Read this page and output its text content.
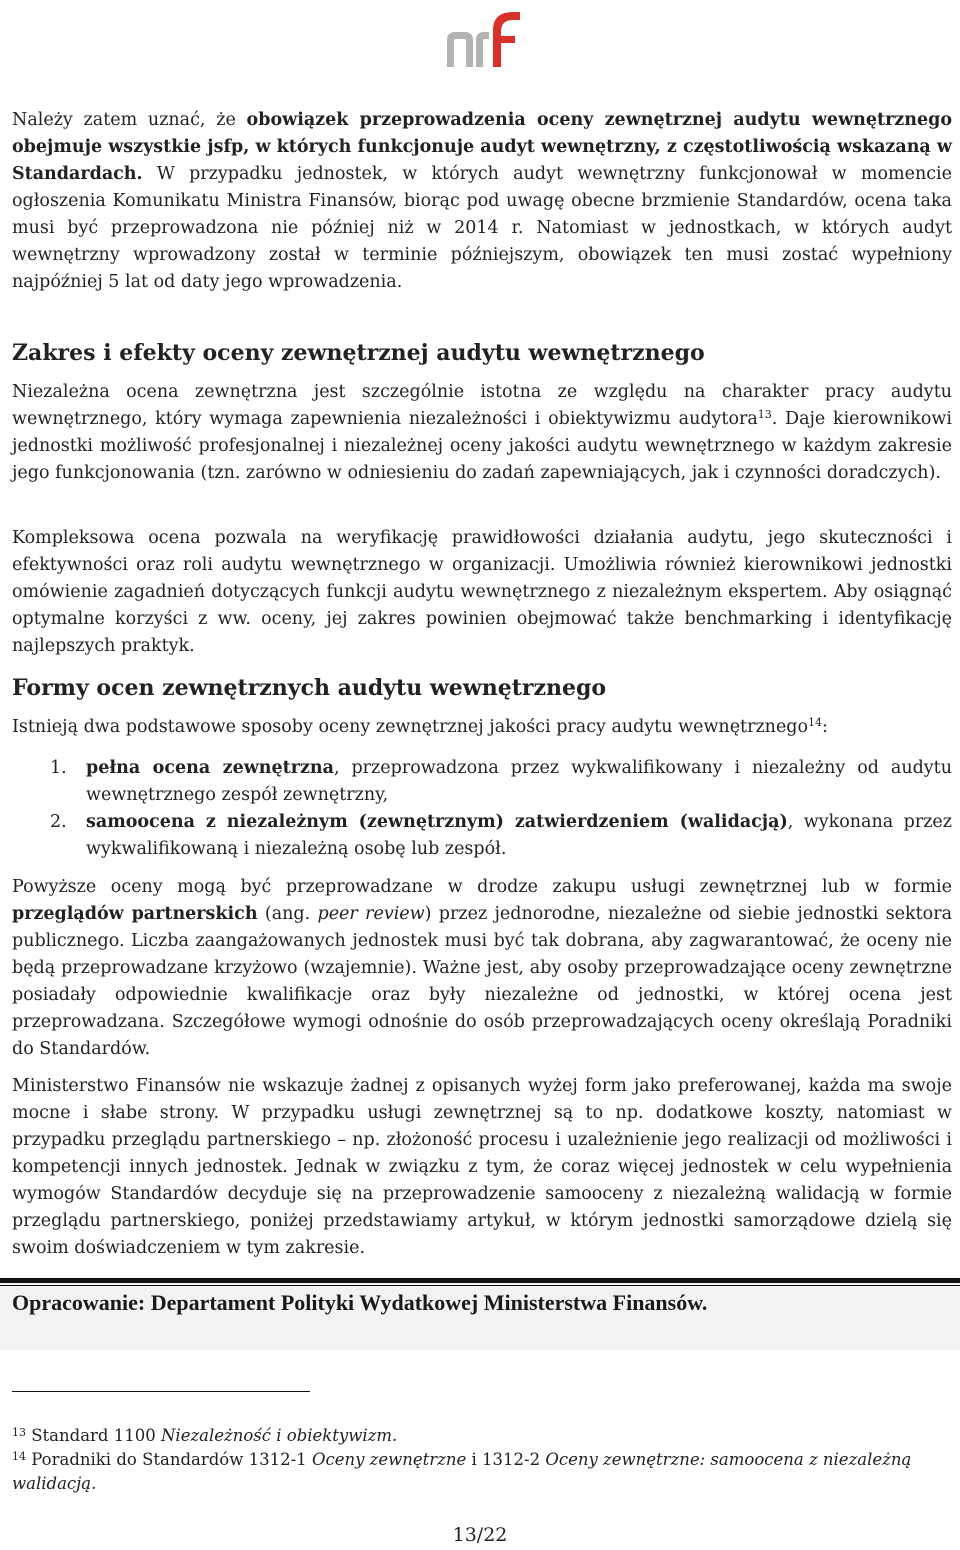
Należy zatem uznać, że obowiązek przeprowadzenia oceny zewnętrznej audytu wewnętrznego obejmuje wszystkie jsfp, w których funkcjonuje audyt wewnętrzny, z częstotliwością wskazaną w Standardach. W przypadku jednostek, w których audyt wewnętrzny funkcjonował w momencie ogłoszenia Komunikatu Ministra Finansów, biorąc pod uwagę obecne brzmienie Standardów, ocena taka musi być przeprowadzona nie później niż w 2014 r. Natomiast w jednostkach, w których audyt wewnętrzny wprowadzony został w terminie późniejszym, obowiązek ten musi zostać wypełniony najpóźniej 5 lat od daty jego wprowadzenia.

Zakres i efekty oceny zewnętrznej audytu wewnętrznego

Niezależna ocena zewnętrzna jest szczególnie istotna ze względu na charakter pracy audytu wewnętrznego, który wymaga zapewnienia niezależności i obiektywizmu audytora$^{13}$. Daje kierownikowi jednostki możliwość profesjonalnej i niezależnej oceny jakości audytu wewnętrznego w każdym zakresie jego funkcjonowania (tzn. zarówno w odniesieniu do zadań zapewniających, jak i czynności doradczych).

Kompleksowa ocena pozwala na weryfikację prawidłowości działania audytu, jego skuteczności i efektywności oraz roli audytu wewnętrznego w organizacji. Umożliwia również kierownikowi jednostki omówienie zagadnień dotyczących funkcji audytu wewnętrznego z niezależnym ekspertem. Aby osiągnąć optymalne korzyści z ww. oceny, jej zakres powinien obejmować także benchmarking i identyfikację najlepszych praktyk.

Formy ocen zewnętrznych audytu wewnętrznego

Istnieją dwa podstawowe sposoby oceny zewnętrznej jakości pracy audytu wewnętrznego$^{14}$:

1. pełna ocena zewnętrzna, przeprowadzona przez wykwalifikowany i niezależny od audytu wewnętrznego zespół zewnętrzny,
2. samoocena z niezależnym (zewnętrznym) zatwierdzeniem (walidacją), wykonana przez wykwalifikowaną i niezależną osobę lub zespół.

Powyższe oceny mogą być przeprowadzane w drodze zakupu usługi zewnętrznej lub w formie przeglądów partnerskich (ang. peer review) przez jednorodne, niezależne od siebie jednostki sektora publicznego. Liczba zaangażowanych jednostek musi być tak dobrana, aby zagwarantować, że oceny nie będą przeprowadzane krzyżowo (wzajemnie). Ważne jest, aby osoby przeprowadzające oceny zewnętrzne posiadały odpowiednie kwalifikacje oraz były niezależne od jednostki, w której ocena jest przeprowadzana. Szczegółowe wymogi odnośnie do osób przeprowadzających oceny określają Poradniki do Standardów.

Ministerstwo Finansów nie wskazuje żadnej z opisanych wyżej form jako preferowanej, każda ma swoje mocne i słabe strony. W przypadku usługi zewnętrznej są to np. dodatkowe koszty, natomiast w przypadku przeglądu partnerskiego – np. złożoność procesu i uzależnienie jego realizacji od możliwości i kompetencji innych jednostek. Jednak w związku z tym, że coraz więcej jednostek w celu wypełnienia wymogów Standardów decyduje się na przeprowadzenie samooceny z niezależną walidacją w formie przeglądu partnerskiego, poniżej przedstawiamy artykuł, w którym jednostki samorządowe dzielą się swoim doświadczeniem w tym zakresie.

Opracowanie: Departament Polityki Wydatkowej Ministerstwa Finansów.

$^{13}$ Standard 1100 Niezależność i obiektywizm.

$^{14}$ Poradniki do Standardów 1312-1 Oceny zewnętrzne i 1312-2 Oceny zewnętrzne: samoocena z niezależną walidacją.

13/22
